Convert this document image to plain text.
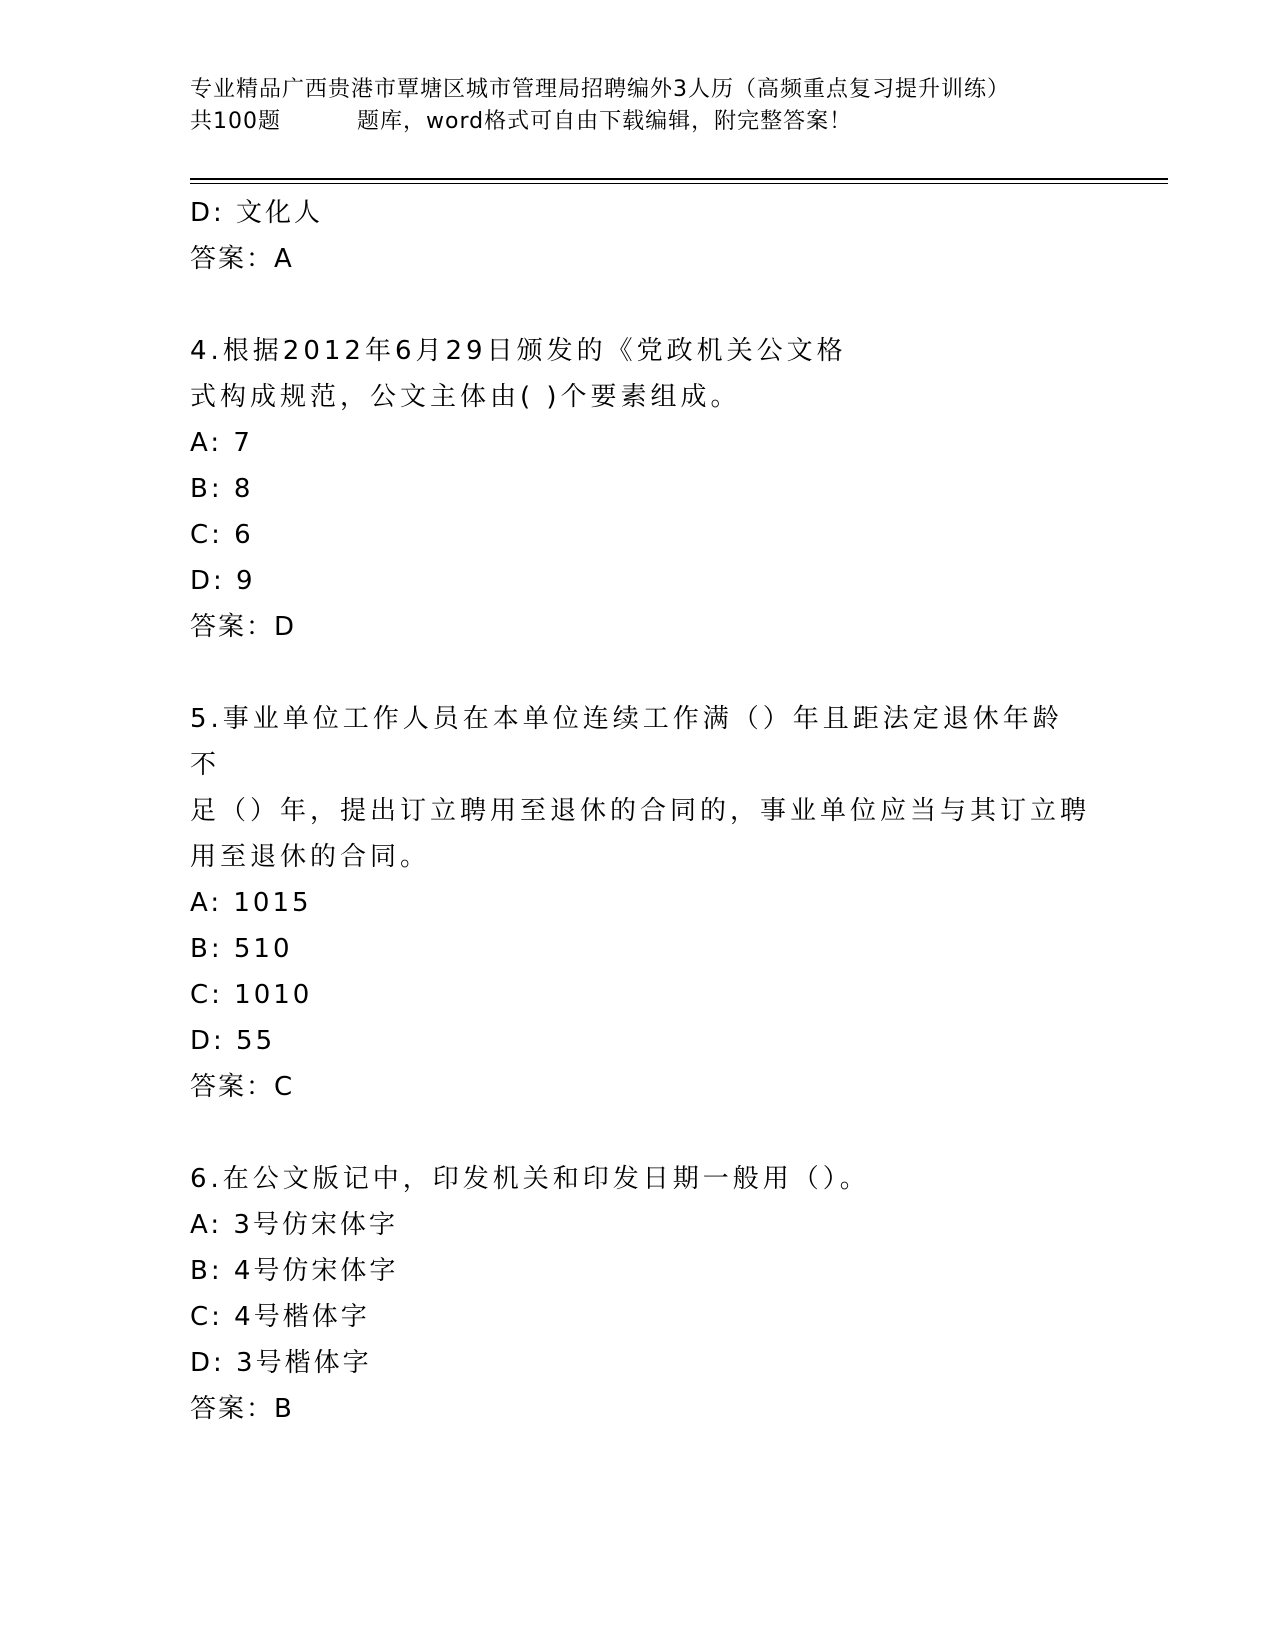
专业精品广西贵港市覃塘区城市管理局招聘编外3人历（高频重点复习提升训练）
共100题	题库，word格式可自由下载编辑，附完整答案！
D: 文化人
答案：A
4.根据2012年6月29日颁发的《党政机关公文格
式构成规范，公文主体由( )个要素组成。
A: 7
B: 8
C: 6
D: 9
答案：D
5.事业单位工作人员在本单位连续工作满（）年且距法定退休年龄不
足（）年，提出订立聘用至退休的合同的，事业单位应当与其订立聘
用至退休的合同。
A: 1015
B: 510
C: 1010
D: 55
答案：C
6.在公文版记中，印发机关和印发日期一般用（）。
A: 3号仿宋体字
B: 4号仿宋体字
C: 4号楷体字
D: 3号楷体字
答案：B
